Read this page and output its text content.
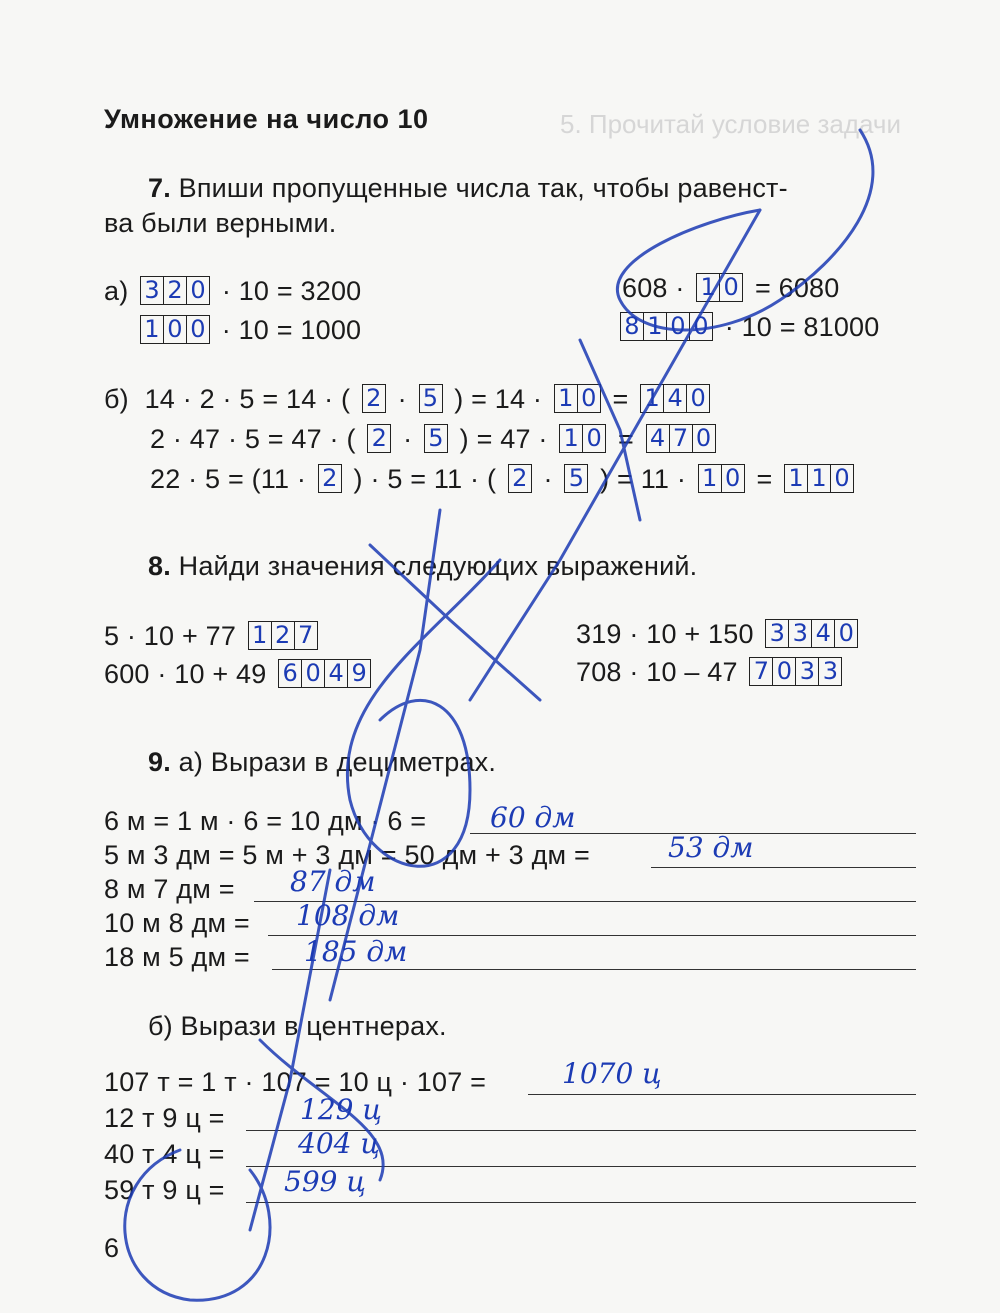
5. Прочитай условие задачи
Умножение на число 10
7. Впиши пропущенные числа так, чтобы равенст-
ва были верными.
а) 3 2 0 · 10 = 3200
1 0 0 · 10 = 1000
608 · 1 0 = 6080
8 1 0 0 · 10 = 81000
б) 14 · 2 · 5 = 14 · ( 2 · 5 ) = 14 · 1 0 = 1 4 0
2 · 47 · 5 = 47 · ( 2 · 5 ) = 47 · 1 0 = 4 7 0
22 · 5 = (11 · 2 ) · 5 = 11 · ( 2 · 5 ) = 11 · 1 0 = 1 1 0
8. Найди значения следующих выражений.
5 · 10 + 77 1 2 7
600 · 10 + 49 6 0 4 9
319 · 10 + 150 3 3 4 0
708 · 10 – 47 7 0 3 3
9. а) Вырази в дециметрах.
6 м = 1 м · 6 = 10 дм · 6 = 60 дм
5 м 3 дм = 5 м + 3 дм = 50 дм + 3 дм =	53 дм
8 м 7 дм = 87 дм
10 м 8 дм = 108 дм
18 м 5 дм = 185 дм
б) Вырази в центнерах.
107 т = 1 т · 107 = 10 ц · 107 =	1070 ц
12 т 9 ц =	129 ц
40 т 4 ц =	404 ц
59 т 9 ц = 599 ц
6
